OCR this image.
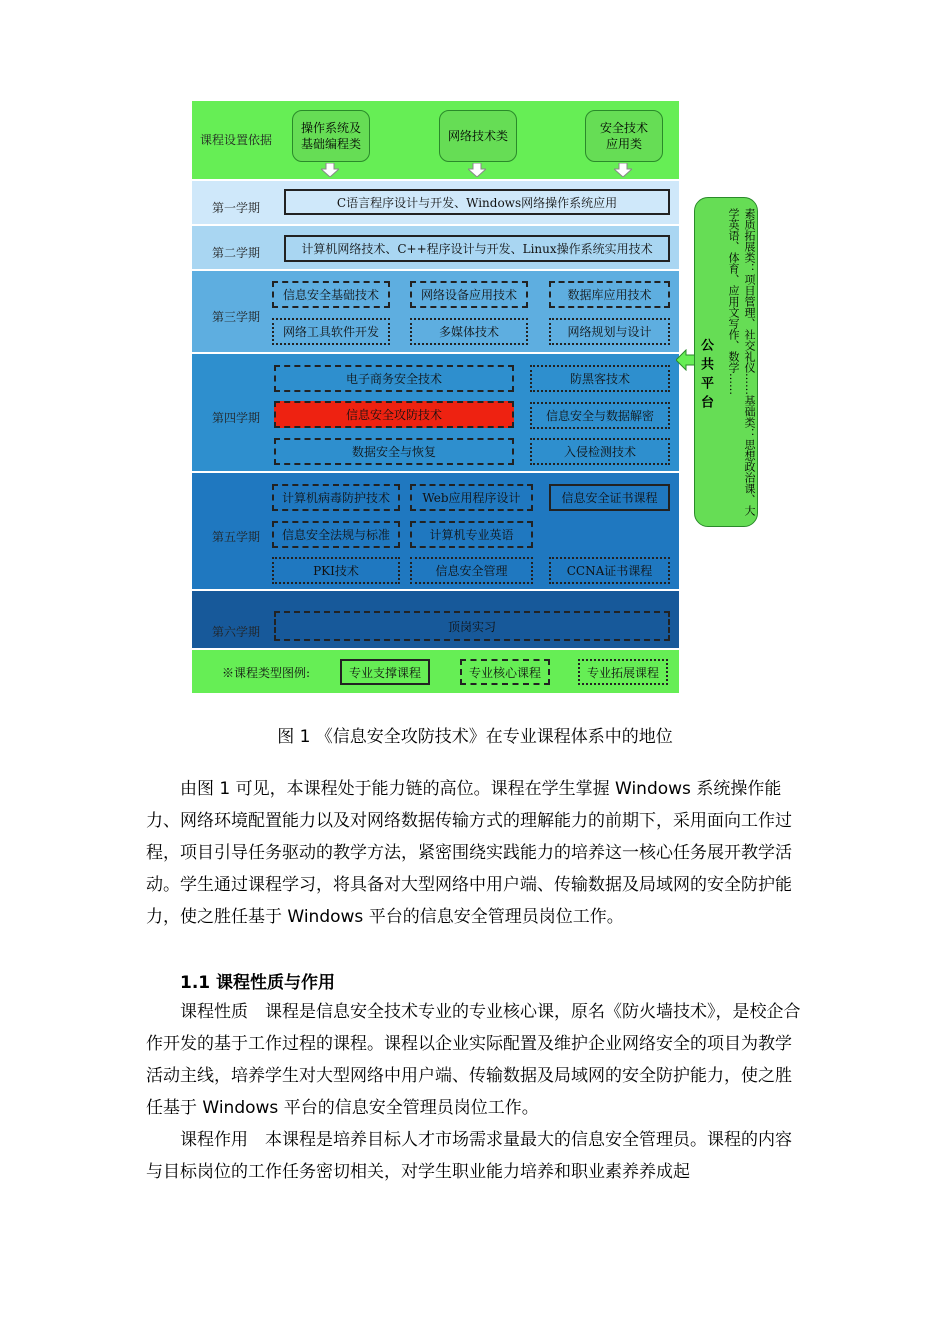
课程设置依据
操作系统及
基础编程类
网络技术类
安全技术
应用类
第一学期	C语言程序设计与开发、Windows网络操作系统应用
第二学期	计算机网络技术、C++程序设计与开发、Linux操作系统实用技术
第三学期
信息安全基础技术	网络设备应用技术	数据库应用技术
网络工具软件开发	多媒体技术	网络规划与设计
第四学期
电子商务安全技术	防黑客技术
信息安全攻防技术	信息安全与数据解密
数据安全与恢复	入侵检测技术
第五学期
计算机病毒防护技术	Web应用程序设计	信息安全证书课程
信息安全法规与标准	计算机专业英语
PKI技术	信息安全管理	CCNA证书课程
第六学期	顶岗实习
※课程类型图例:	专业支撑课程	专业核心课程	专业拓展课程
公共平台	素质拓展类：项目管理、社交礼仪……基础类：思想政治课、大学英语、体育、应用文写作、数学……
图 1 《信息安全攻防技术》在专业课程体系中的地位

由图 1 可见，本课程处于能力链的高位。课程在学生掌握 Windows 系统操作能力、网络环境配置能力以及对网络数据传输方式的理解能力的前期下，采用面向工作过程，项目引导任务驱动的教学方法，紧密围绕实践能力的培养这一核心任务展开教学活动。学生通过课程学习，将具备对大型网络中用户端、传输数据及局域网的安全防护能力，使之胜任基于 Windows 平台的信息安全管理员岗位工作。

1.1 课程性质与作用

课程性质　课程是信息安全技术专业的专业核心课，原名《防火墙技术》，是校企合作开发的基于工作过程的课程。课程以企业实际配置及维护企业网络安全的项目为教学活动主线，培养学生对大型网络中用户端、传输数据及局域网的安全防护能力，使之胜任基于 Windows 平台的信息安全管理员岗位工作。

课程作用　本课程是培养目标人才市场需求量最大的信息安全管理员。课程的内容与目标岗位的工作任务密切相关，对学生职业能力培养和职业素养养成起
